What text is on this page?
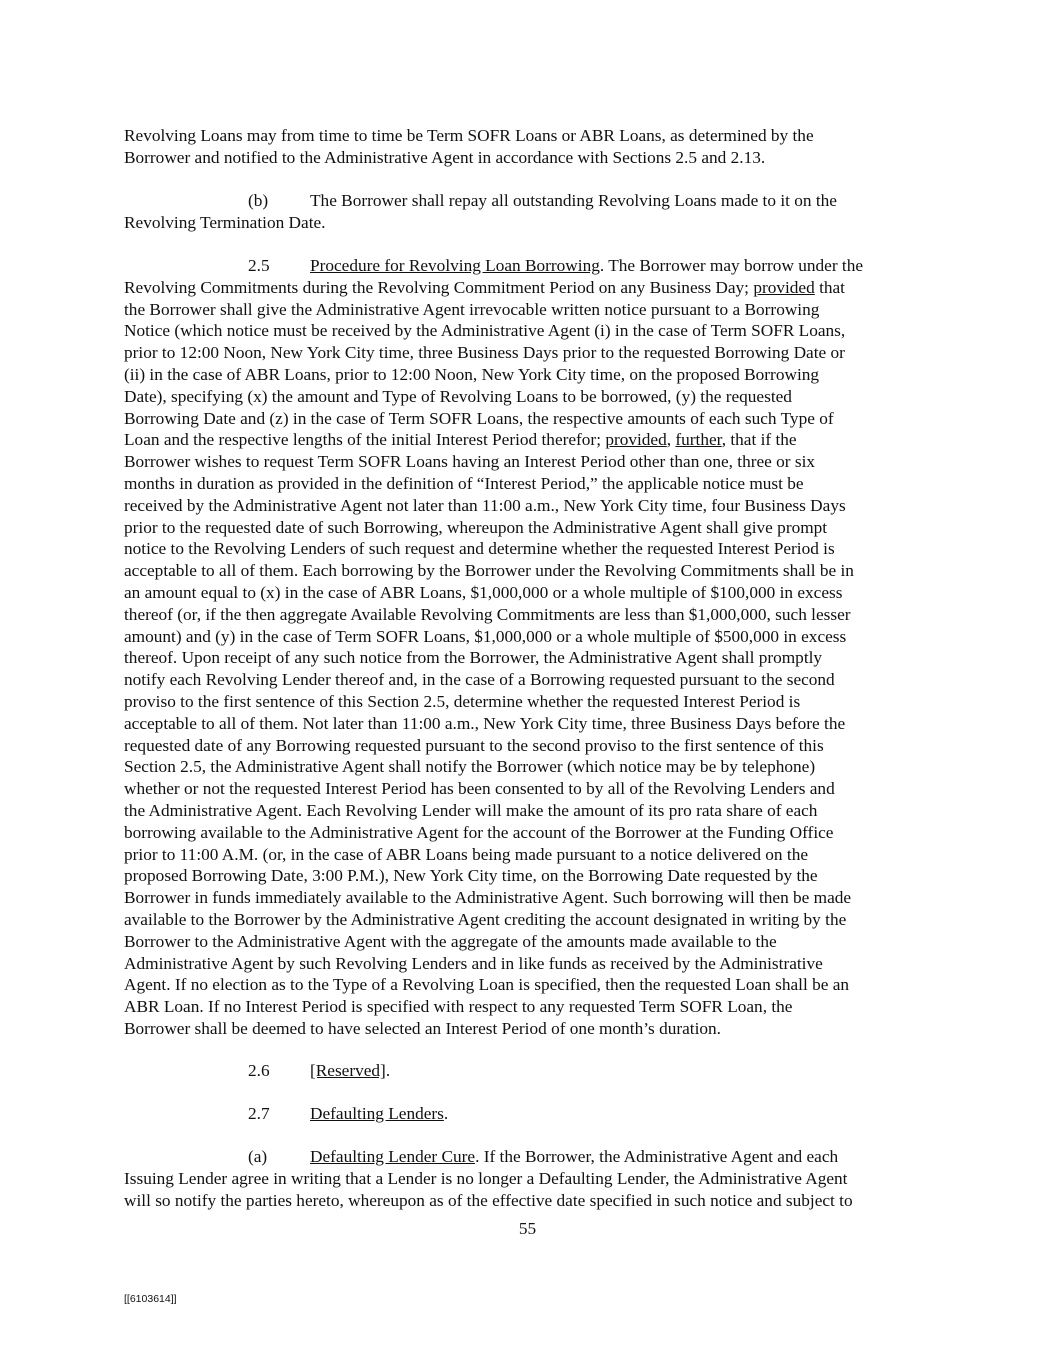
Revolving Loans may from time to time be Term SOFR Loans or ABR Loans, as determined by the
Borrower and notified to the Administrative Agent in accordance with Sections 2.5 and 2.13.
(b) The Borrower shall repay all outstanding Revolving Loans made to it on the
Revolving Termination Date.
2.5 Procedure for Revolving Loan Borrowing. The Borrower may borrow under the
Revolving Commitments during the Revolving Commitment Period on any Business Day; provided that
the Borrower shall give the Administrative Agent irrevocable written notice pursuant to a Borrowing
Notice (which notice must be received by the Administrative Agent (i) in the case of Term SOFR Loans,
prior to 12:00 Noon, New York City time, three Business Days prior to the requested Borrowing Date or
(ii) in the case of ABR Loans, prior to 12:00 Noon, New York City time, on the proposed Borrowing
Date), specifying (x) the amount and Type of Revolving Loans to be borrowed, (y) the requested
Borrowing Date and (z) in the case of Term SOFR Loans, the respective amounts of each such Type of
Loan and the respective lengths of the initial Interest Period therefor; provided, further, that if the
Borrower wishes to request Term SOFR Loans having an Interest Period other than one, three or six
months in duration as provided in the definition of “Interest Period,” the applicable notice must be
received by the Administrative Agent not later than 11:00 a.m., New York City time, four Business Days
prior to the requested date of such Borrowing, whereupon the Administrative Agent shall give prompt
notice to the Revolving Lenders of such request and determine whether the requested Interest Period is
acceptable to all of them. Each borrowing by the Borrower under the Revolving Commitments shall be in
an amount equal to (x) in the case of ABR Loans, $1,000,000 or a whole multiple of $100,000 in excess
thereof (or, if the then aggregate Available Revolving Commitments are less than $1,000,000, such lesser
amount) and (y) in the case of Term SOFR Loans, $1,000,000 or a whole multiple of $500,000 in excess
thereof. Upon receipt of any such notice from the Borrower, the Administrative Agent shall promptly
notify each Revolving Lender thereof and, in the case of a Borrowing requested pursuant to the second
proviso to the first sentence of this Section 2.5, determine whether the requested Interest Period is
acceptable to all of them. Not later than 11:00 a.m., New York City time, three Business Days before the
requested date of any Borrowing requested pursuant to the second proviso to the first sentence of this
Section 2.5, the Administrative Agent shall notify the Borrower (which notice may be by telephone)
whether or not the requested Interest Period has been consented to by all of the Revolving Lenders and
the Administrative Agent. Each Revolving Lender will make the amount of its pro rata share of each
borrowing available to the Administrative Agent for the account of the Borrower at the Funding Office
prior to 11:00 A.M. (or, in the case of ABR Loans being made pursuant to a notice delivered on the
proposed Borrowing Date, 3:00 P.M.), New York City time, on the Borrowing Date requested by the
Borrower in funds immediately available to the Administrative Agent. Such borrowing will then be made
available to the Borrower by the Administrative Agent crediting the account designated in writing by the
Borrower to the Administrative Agent with the aggregate of the amounts made available to the
Administrative Agent by such Revolving Lenders and in like funds as received by the Administrative
Agent. If no election as to the Type of a Revolving Loan is specified, then the requested Loan shall be an
ABR Loan. If no Interest Period is specified with respect to any requested Term SOFR Loan, the
Borrower shall be deemed to have selected an Interest Period of one month’s duration.
2.6 [Reserved].
2.7 Defaulting Lenders.
(a) Defaulting Lender Cure. If the Borrower, the Administrative Agent and each
Issuing Lender agree in writing that a Lender is no longer a Defaulting Lender, the Administrative Agent
will so notify the parties hereto, whereupon as of the effective date specified in such notice and subject to
55
[[6103614]]
